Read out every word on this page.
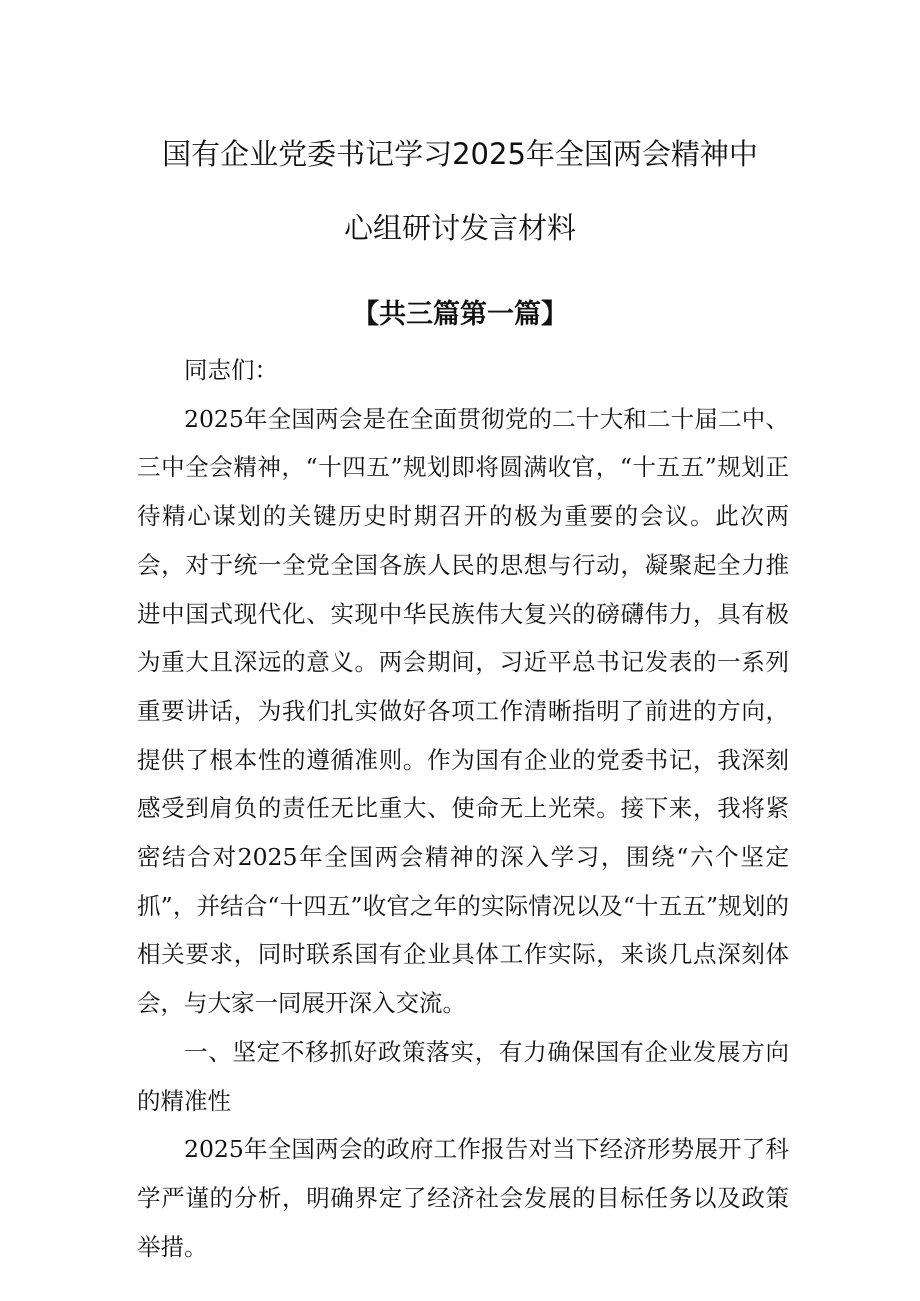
国有企业党委书记学习2025年全国两会精神中
心组研讨发言材料
【共三篇第一篇】

同志们：

2025年全国两会是在全面贯彻党的二十大和二十届二中、三中全会精神，“十四五”规划即将圆满收官，“十五五”规划正待精心谋划的关键历史时期召开的极为重要的会议。此次两会，对于统一全党全国各族人民的思想与行动，凝聚起全力推进中国式现代化、实现中华民族伟大复兴的磅礴伟力，具有极为重大且深远的意义。两会期间，习近平总书记发表的一系列重要讲话，为我们扎实做好各项工作清晰指明了前进的方向，提供了根本性的遵循准则。作为国有企业的党委书记，我深刻感受到肩负的责任无比重大、使命无上光荣。接下来，我将紧密结合对2025年全国两会精神的深入学习，围绕“六个坚定抓”，并结合“十四五”收官之年的实际情况以及“十五五”规划的相关要求，同时联系国有企业具体工作实际，来谈几点深刻体会，与大家一同展开深入交流。

一、坚定不移抓好政策落实，有力确保国有企业发展方向的精准性

2025年全国两会的政府工作报告对当下经济形势展开了科学严谨的分析，明确界定了经济社会发展的目标任务以及政策举措。
